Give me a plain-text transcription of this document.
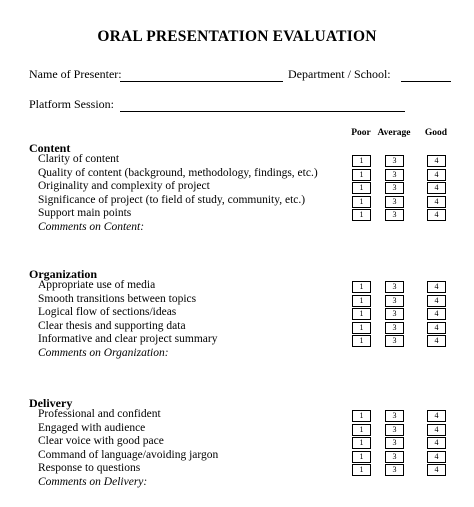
ORAL PRESENTATION EVALUATION
Name of Presenter:	Department / School:
Platform Session:
Poor Average	Good
Content
Clarity of content	1	3	4
Quality of content (background, methodology, findings, etc.)	1	3	4
Originality and complexity of project	1	3	4
Significance of project (to field of study, community, etc.)	1	3	4
Support main points	1	3	4
Comments on Content:
Organization
Appropriate use of media	1	3	4
Smooth transitions between topics	1	3	4
Logical flow of sections/ideas	1	3	4
Clear thesis and supporting data	1	3	4
Informative and clear project summary	1	3	4
Comments on Organization:
Delivery
Professional and confident	1	3	4
Engaged with audience	1	3	4
Clear voice with good pace	1	3	4
Command of language/avoiding jargon	1	3	4
Response to questions	1	3	4
Comments on Delivery:
